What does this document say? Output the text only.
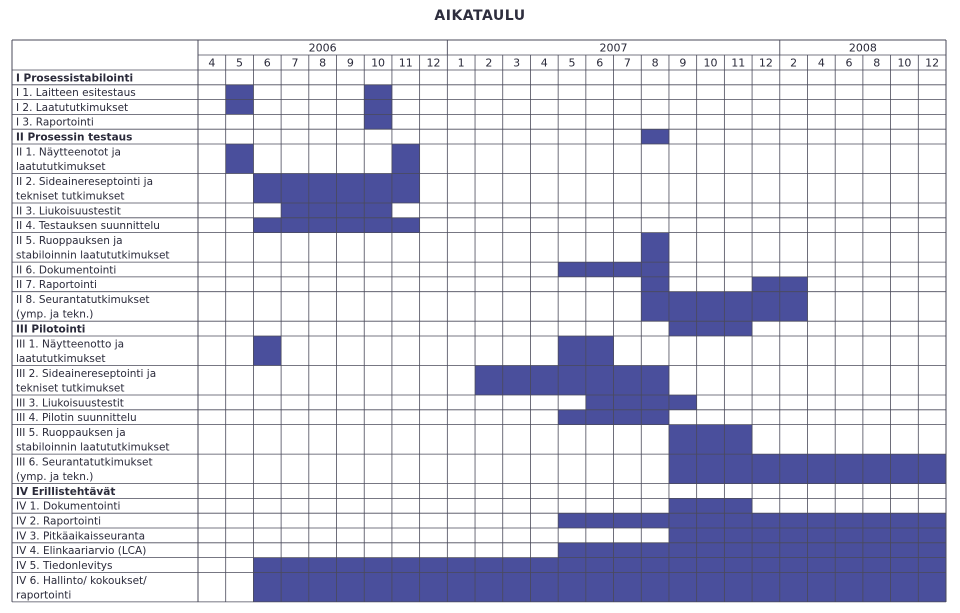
AIKATAULU
2006	2007	2008
4 5 6 7 8 9 10 11 12 1 2 3 4 5 6 7 8 9 10 11 12 2 4 6 8 10 12
I Prosessistabilointi
I 1. Laitteen esitestaus
I 2. Laatututkimukset
I 3. Raportointi
II Prosessin testaus
II 1. Näytteenotot ja
laatututkimukset
II 2. Sideainereseptointi ja
tekniset tutkimukset
II 3. Liukoisuustestit
II 4. Testauksen suunnittelu
II 5. Ruoppauksen ja
stabiloinnin laatututkimukset
II 6. Dokumentointi
II 7. Raportointi
II 8. Seurantatutkimukset
(ymp. ja tekn.)
III Pilotointi
III 1. Näytteenotto ja
laatututkimukset
III 2. Sideainereseptointi ja
tekniset tutkimukset
III 3. Liukoisuustestit
III 4. Pilotin suunnittelu
III 5. Ruoppauksen ja
stabiloinnin laatututkimukset
III 6. Seurantatutkimukset
(ymp. ja tekn.)
IV Erillistehtävät
IV 1. Dokumentointi
IV 2. Raportointi
IV 3. Pitkäaikaisseuranta
IV 4. Elinkaariarvio (LCA)
IV 5. Tiedonlevitys
IV 6. Hallinto/ kokoukset/
raportointi
